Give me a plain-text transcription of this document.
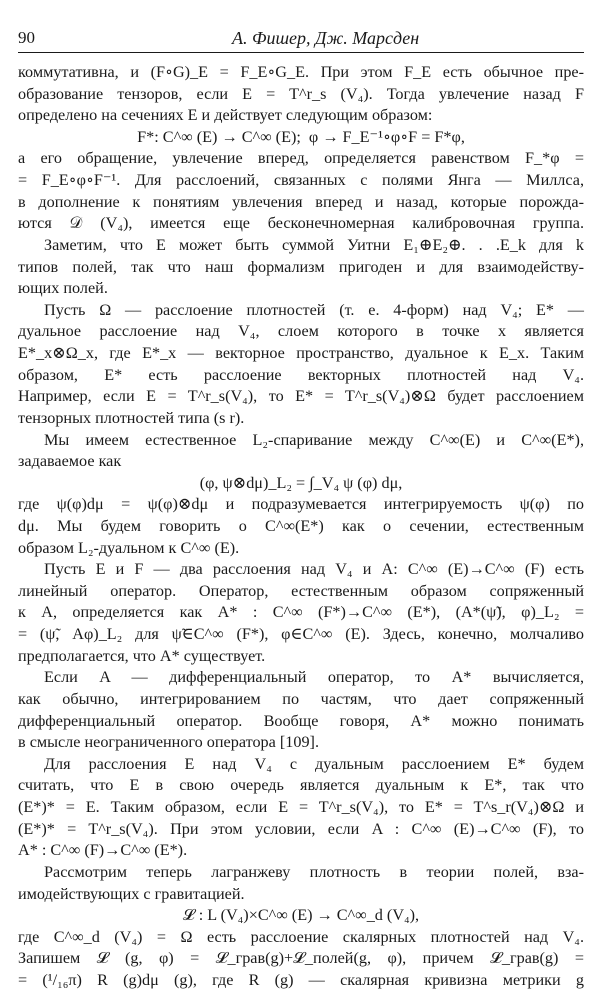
90	А. Фишер, Дж. Марсден
коммутативна, и (F∘G)_E = F_E∘G_E. При этом F_E есть обычное пре-
образование тензоров, если E = T^r_s (V₄). Тогда увлечение назад F
определено на сечениях E и действует следующим образом:
F*: C^∞ (E) → C^∞ (E);  φ → F_E⁻¹∘φ∘F = F*φ,
а его обращение, увлечение вперед, определяется равенством F_*φ =
= F_E∘φ∘F⁻¹. Для расслоений, связанных с полями Янга — Миллса,
в дополнение к понятиям увлечения вперед и назад, которые порожда-
ются 𝒟 (V₄), имеется еще бесконечномерная калибровочная группа.
Заметим, что E может быть суммой Уитни E₁⊕E₂⊕. . .E_k для k
типов полей, так что наш формализм пригоден и для взаимодейству-
ющих полей.
Пусть Ω — расслоение плотностей (т. е. 4-форм) над V₄; E* —
дуальное расслоение над V₄, слоем которого в точке x является
E*_x⊗Ω_x, где E*_x — векторное пространство, дуальное к E_x. Таким
образом, E* есть расслоение векторных плотностей над V₄.
Например, если E = T^r_s(V₄), то E* = T^r_s(V₄)⊗Ω будет расслоением
тензорных плотностей типа (s r).
Мы имеем естественное L₂-спаривание между C^∞(E) и C^∞(E*),
задаваемое как
(φ, ψ⊗dμ)_L₂ = ∫_V₄ ψ (φ) dμ,
где ψ(φ)dμ = ψ(φ)⊗dμ и подразумевается интегрируемость ψ(φ) по
dμ. Мы будем говорить о C^∞(E*) как о сечении, естественным
образом L₂-дуальном к C^∞ (E).
Пусть E и F — два расслоения над V₄ и A: C^∞ (E)→C^∞ (F) есть
линейный оператор. Оператор, естественным образом сопряженный
к A, определяется как A* : C^∞ (F*)→C^∞ (E*), (A*(ψ̃), φ)_L₂ =
= (ψ̃, Aφ)_L₂ для ψ̃∈C^∞ (F*), φ∈C^∞ (E). Здесь, конечно, молчаливо
предполагается, что A* существует.
Если A — дифференциальный оператор, то A* вычисляется,
как обычно, интегрированием по частям, что дает сопряженный
дифференциальный оператор. Вообще говоря, A* можно понимать
в смысле неограниченного оператора [109].
Для расслоения E над V₄ с дуальным расслоением E* будем
считать, что E в свою очередь является дуальным к E*, так что
(E*)* = E. Таким образом, если E = T^r_s(V₄), то E* = T^s_r(V₄)⊗Ω и
(E*)* = T^r_s(V₄). При этом условии, если A : C^∞ (E)→C^∞ (F), то
A* : C^∞ (F)→C^∞ (E*).
Рассмотрим теперь лагранжеву плотность в теории полей, вза-
имодействующих с гравитацией.
𝓛 : L (V₄)×C^∞ (E) → C^∞_d (V₄),
где C^∞_d (V₄) = Ω есть расслоение скалярных плотностей над V₄.
Запишем 𝓛 (g, φ) = 𝓛_грав(g)+𝓛_полей(g, φ), причем 𝓛_грав(g) =
= (¹/₁₆π) R (g)dμ (g), где R (g) — скалярная кривизна метрики g
